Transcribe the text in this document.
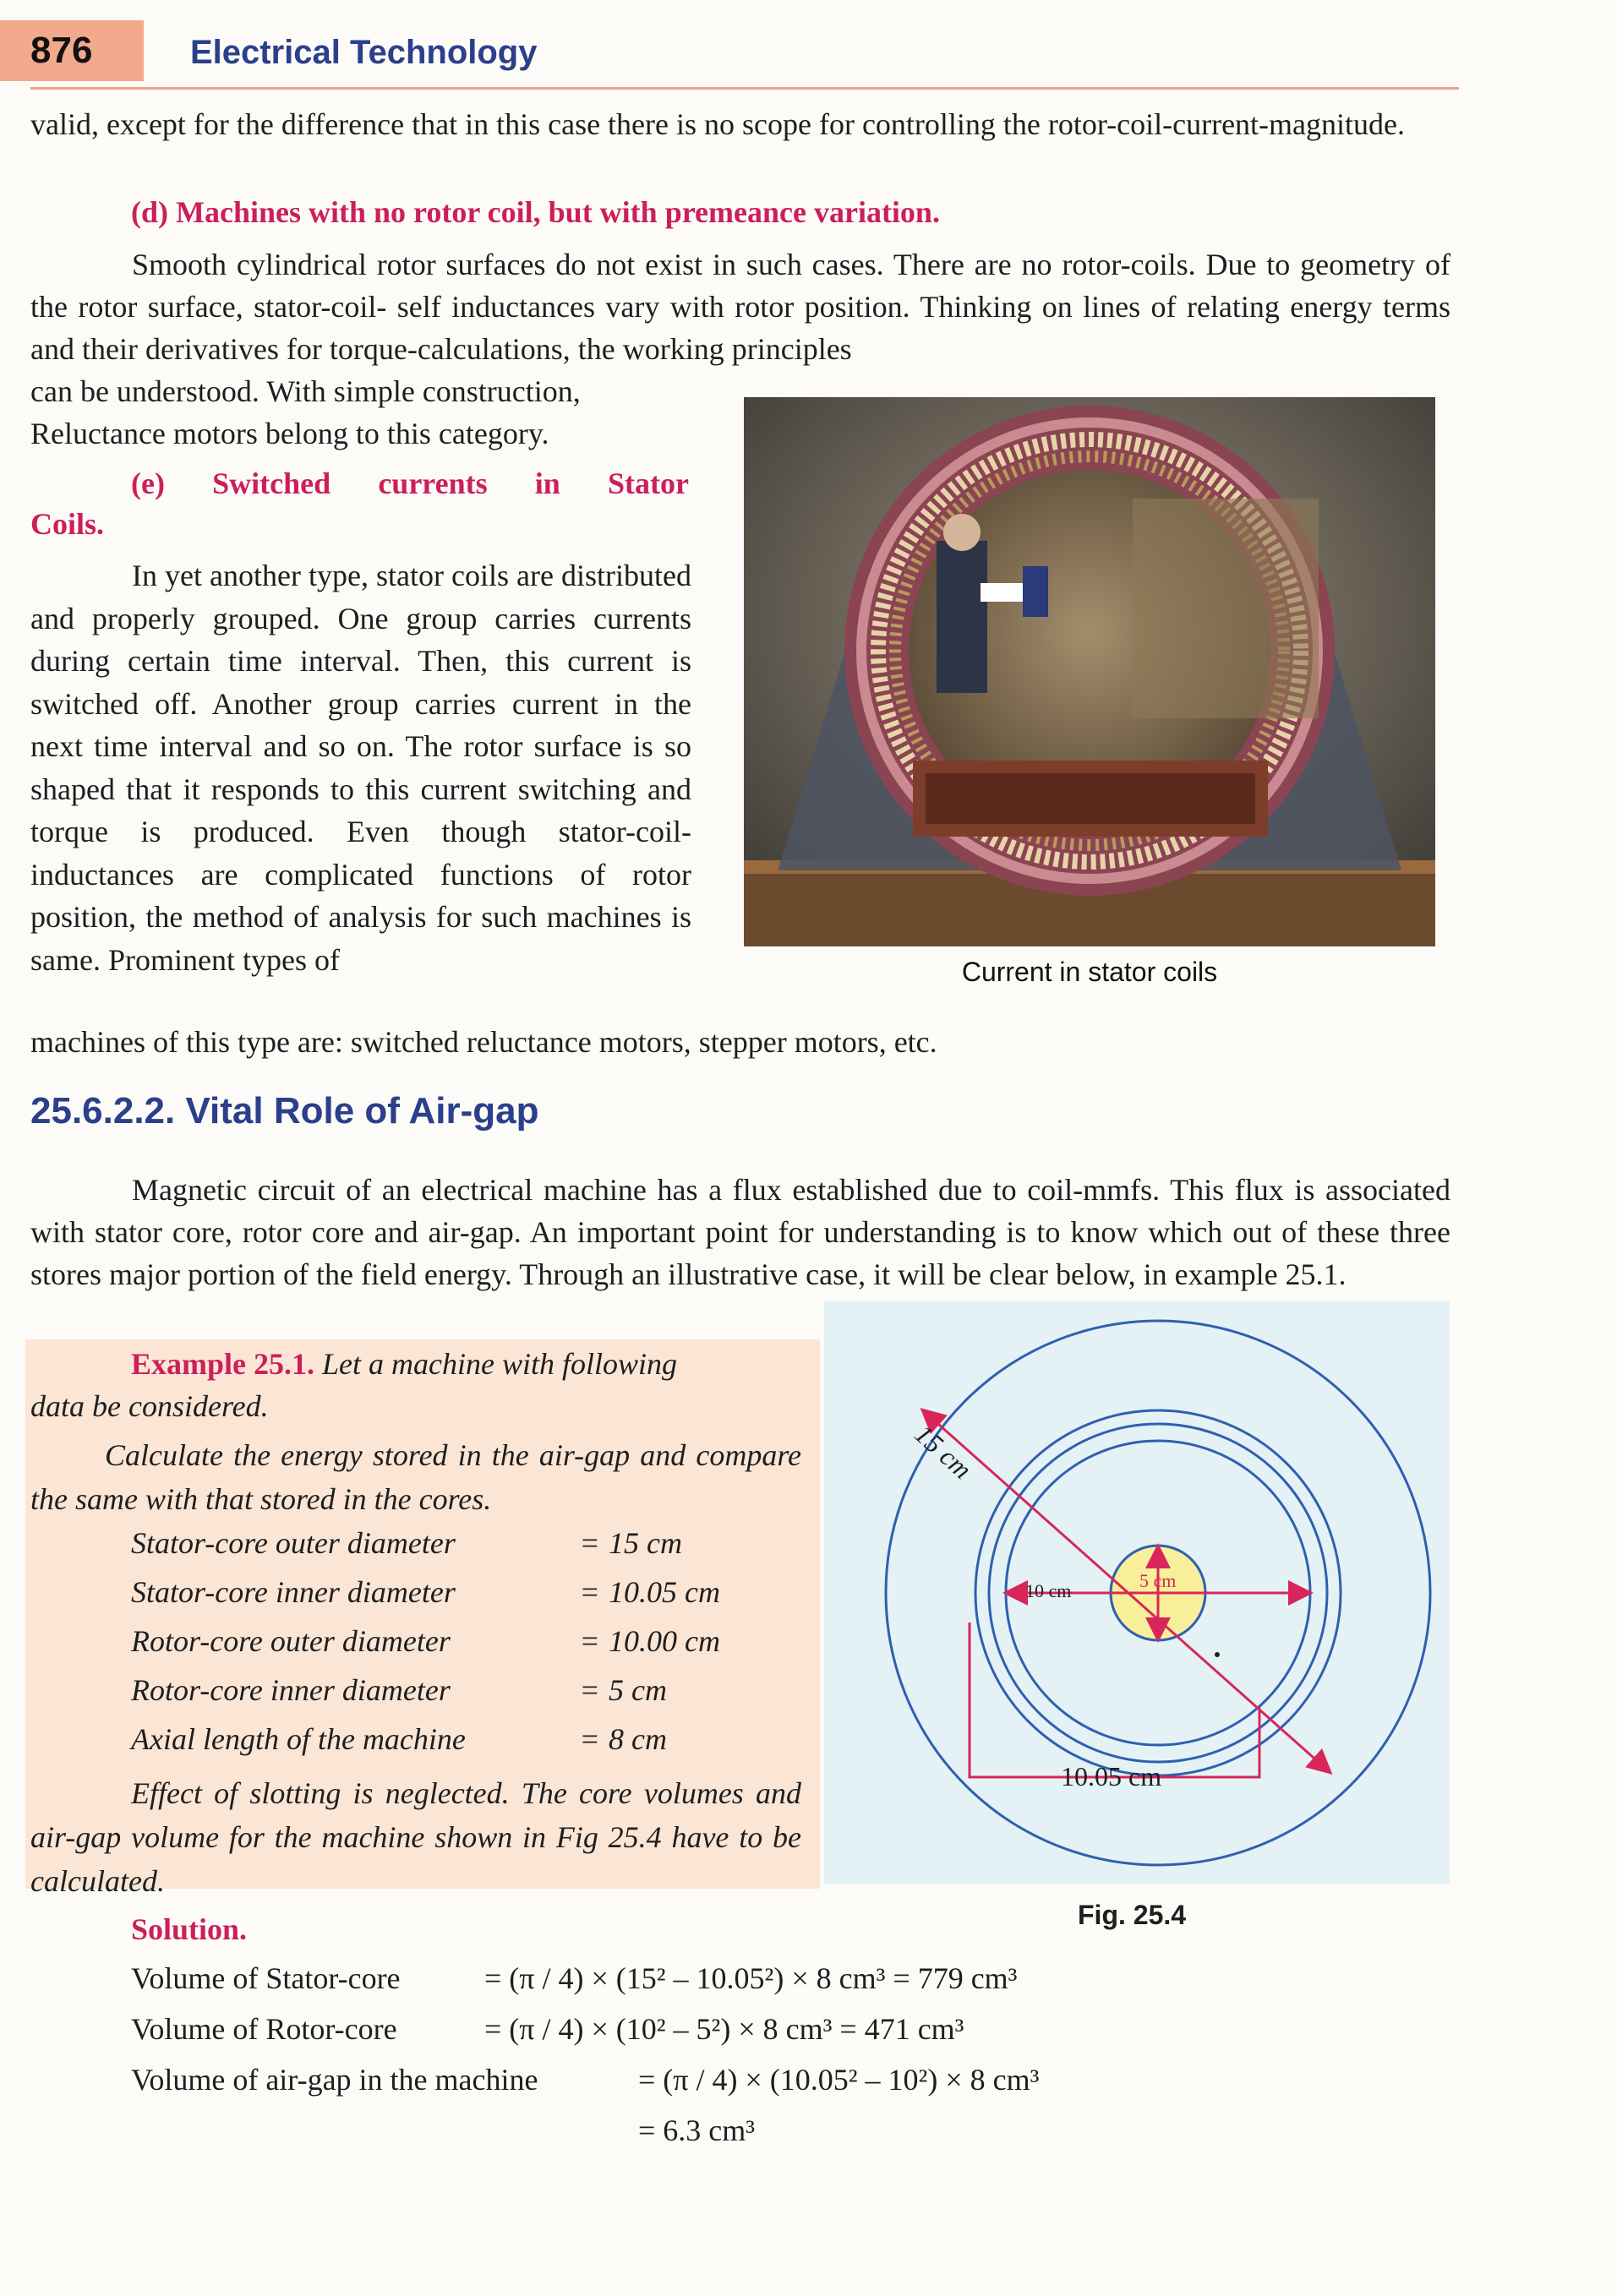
876	Electrical Technology
valid, except for the difference that in this case there is no scope for controlling the rotor-coil-current-magnitude.
(d) Machines with no rotor coil, but with premeance variation.
Smooth cylindrical rotor surfaces do not exist in such cases. There are no rotor-coils. Due to geometry of the rotor surface, stator-coil- self inductances vary with rotor position. Thinking on lines of relating energy terms and their derivatives for torque-calculations, the working principles
can be understood. With simple construction,
Reluctance motors belong to this category.
(e) Switched currents in Stator
Coils.
In yet another type, stator coils are distributed and properly grouped. One group carries currents during certain time interval. Then, this current is switched off. Another group carries current in the next time interval and so on. The rotor surface is so shaped that it responds to this current switching and torque is produced. Even though stator-coil-inductances are complicated functions of rotor position, the method of analysis for such machines is same. Prominent types of
machines of this type are: switched reluctance motors, stepper motors, etc.
Current in stator coils
25.6.2.2. Vital Role of Air-gap
Magnetic circuit of an electrical machine has a flux established due to coil-mmfs. This flux is associated with stator core, rotor core and air-gap. An important point for understanding is to know which out of these three stores major portion of the field energy. Through an illustrative case, it will be clear below, in example 25.1.
Example 25.1. Let a machine with following
data be considered.
Calculate the energy stored in the air-gap and compare the same with that stored in the cores.
Stator-core outer diameter	= 15 cm
Stator-core inner diameter	= 10.05 cm
Rotor-core outer diameter	= 10.00 cm
Rotor-core inner diameter	= 5 cm
Axial length of the machine	= 8 cm
Effect of slotting is neglected. The core volumes and air-gap volume for the machine shown in Fig 25.4 have to be calculated.
15 cm
10 cm	5 cm
10.05 cm
Fig. 25.4
Solution.
Volume of Stator-core	= (π / 4) × (15² – 10.05²) × 8 cm³ = 779 cm³
Volume of Rotor-core	= (π / 4) × (10² – 5²) × 8 cm³ = 471 cm³
Volume of air-gap in the machine	= (π / 4) × (10.05² – 10²) × 8 cm³
= 6.3 cm³
